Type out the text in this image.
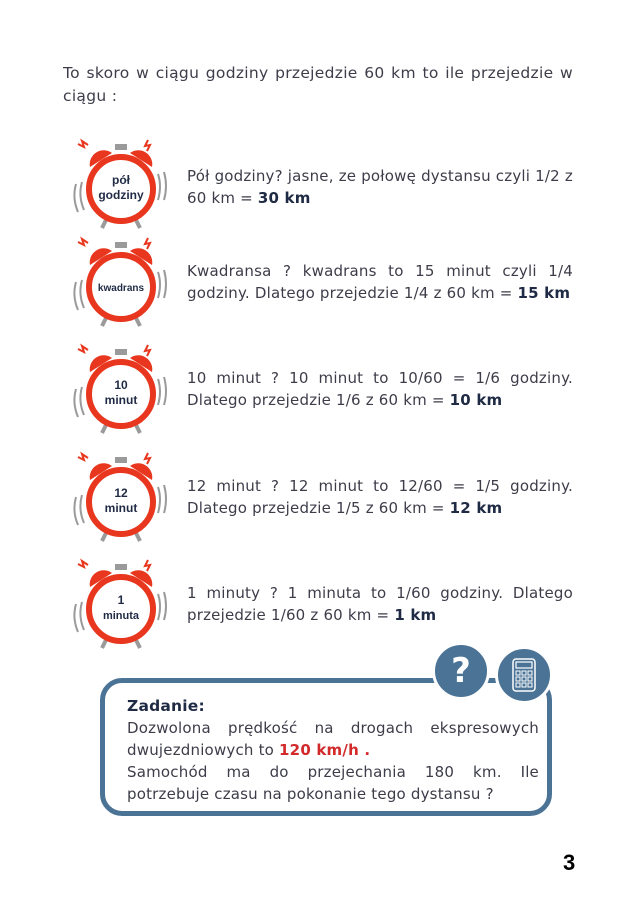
To skoro w ciągu godziny przejedzie 60 km to ile przejedzie w ciągu :
pół
godziny
Pół godziny? jasne, ze połowę dystansu czyli 1/2 z 60 km = 30 km
kwadrans
Kwadransa ? kwadrans to 15 minut czyli 1/4 godziny. Dlatego przejedzie 1/4 z 60 km = 15 km
10
minut
10 minut ? 10 minut to 10/60 = 1/6 godziny. Dlatego przejedzie 1/6 z 60 km = 10 km
12
minut
12 minut ? 12 minut to 12/60 = 1/5 godziny. Dlatego przejedzie 1/5 z 60 km = 12 km
1
minuta
1 minuty ? 1 minuta to 1/60 godziny. Dlatego przejedzie 1/60 z 60 km = 1 km
Zadanie:
Dozwolona prędkość na drogach ekspresowych dwujezdniowych to 120 km/h .
Samochód ma do przejechania 180 km. Ile potrzebuje czasu na pokonanie tego dystansu ?
?
3
